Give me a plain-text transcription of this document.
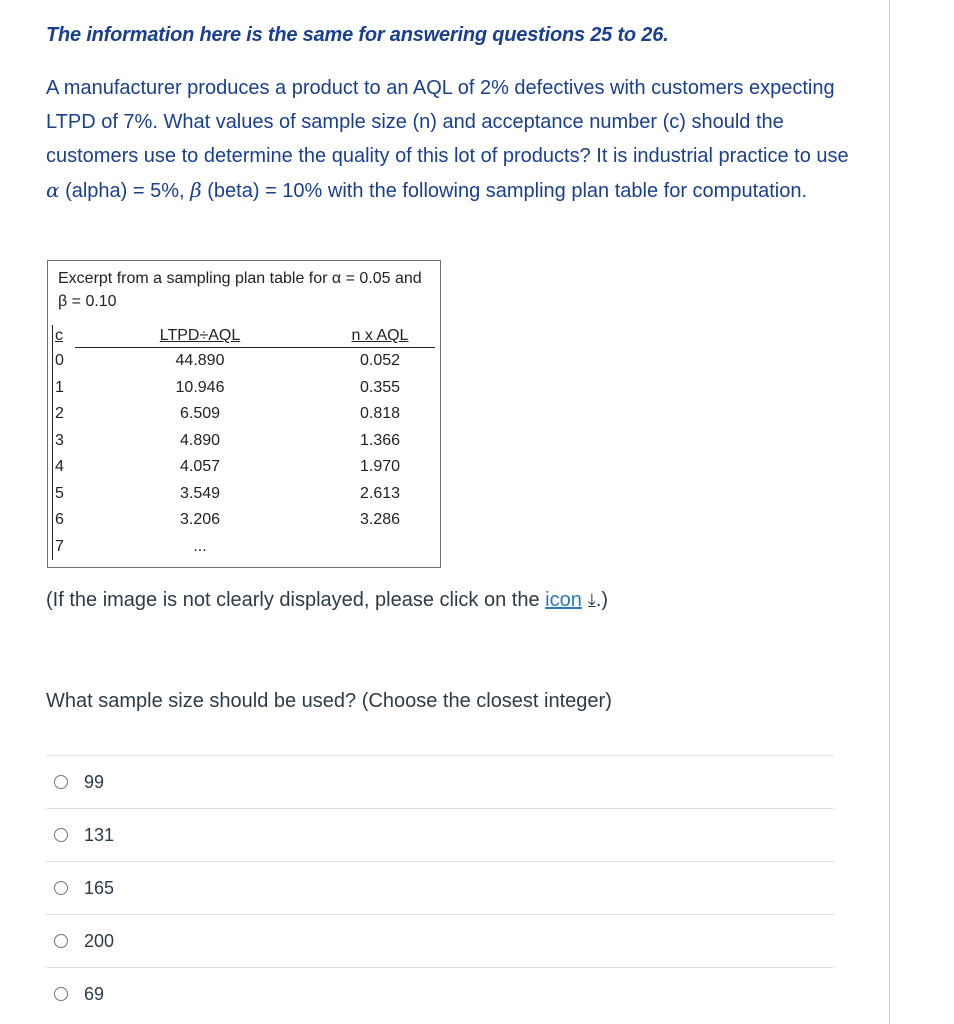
The information here is the same for answering questions 25 to 26.
A manufacturer produces a product to an AQL of 2% defectives with customers expecting LTPD of 7%. What values of sample size (n) and acceptance number (c) should the customers use to determine the quality of this lot of products? It is industrial practice to use α (alpha) = 5%, β (beta) = 10% with the following sampling plan table for computation.
Excerpt from a sampling plan table for α = 0.05 and β = 0.10
c	LTPD÷AQL	n x AQL
0	44.890	0.052
1	10.946	0.355
2	6.509	0.818
3	4.890	1.366
4	4.057	1.970
5	3.549	2.613
6	3.206	3.286
7	...	
(If the image is not clearly displayed, please click on the icon ⤓.)
What sample size should be used? (Choose the closest integer)
99
131
165
200
69
